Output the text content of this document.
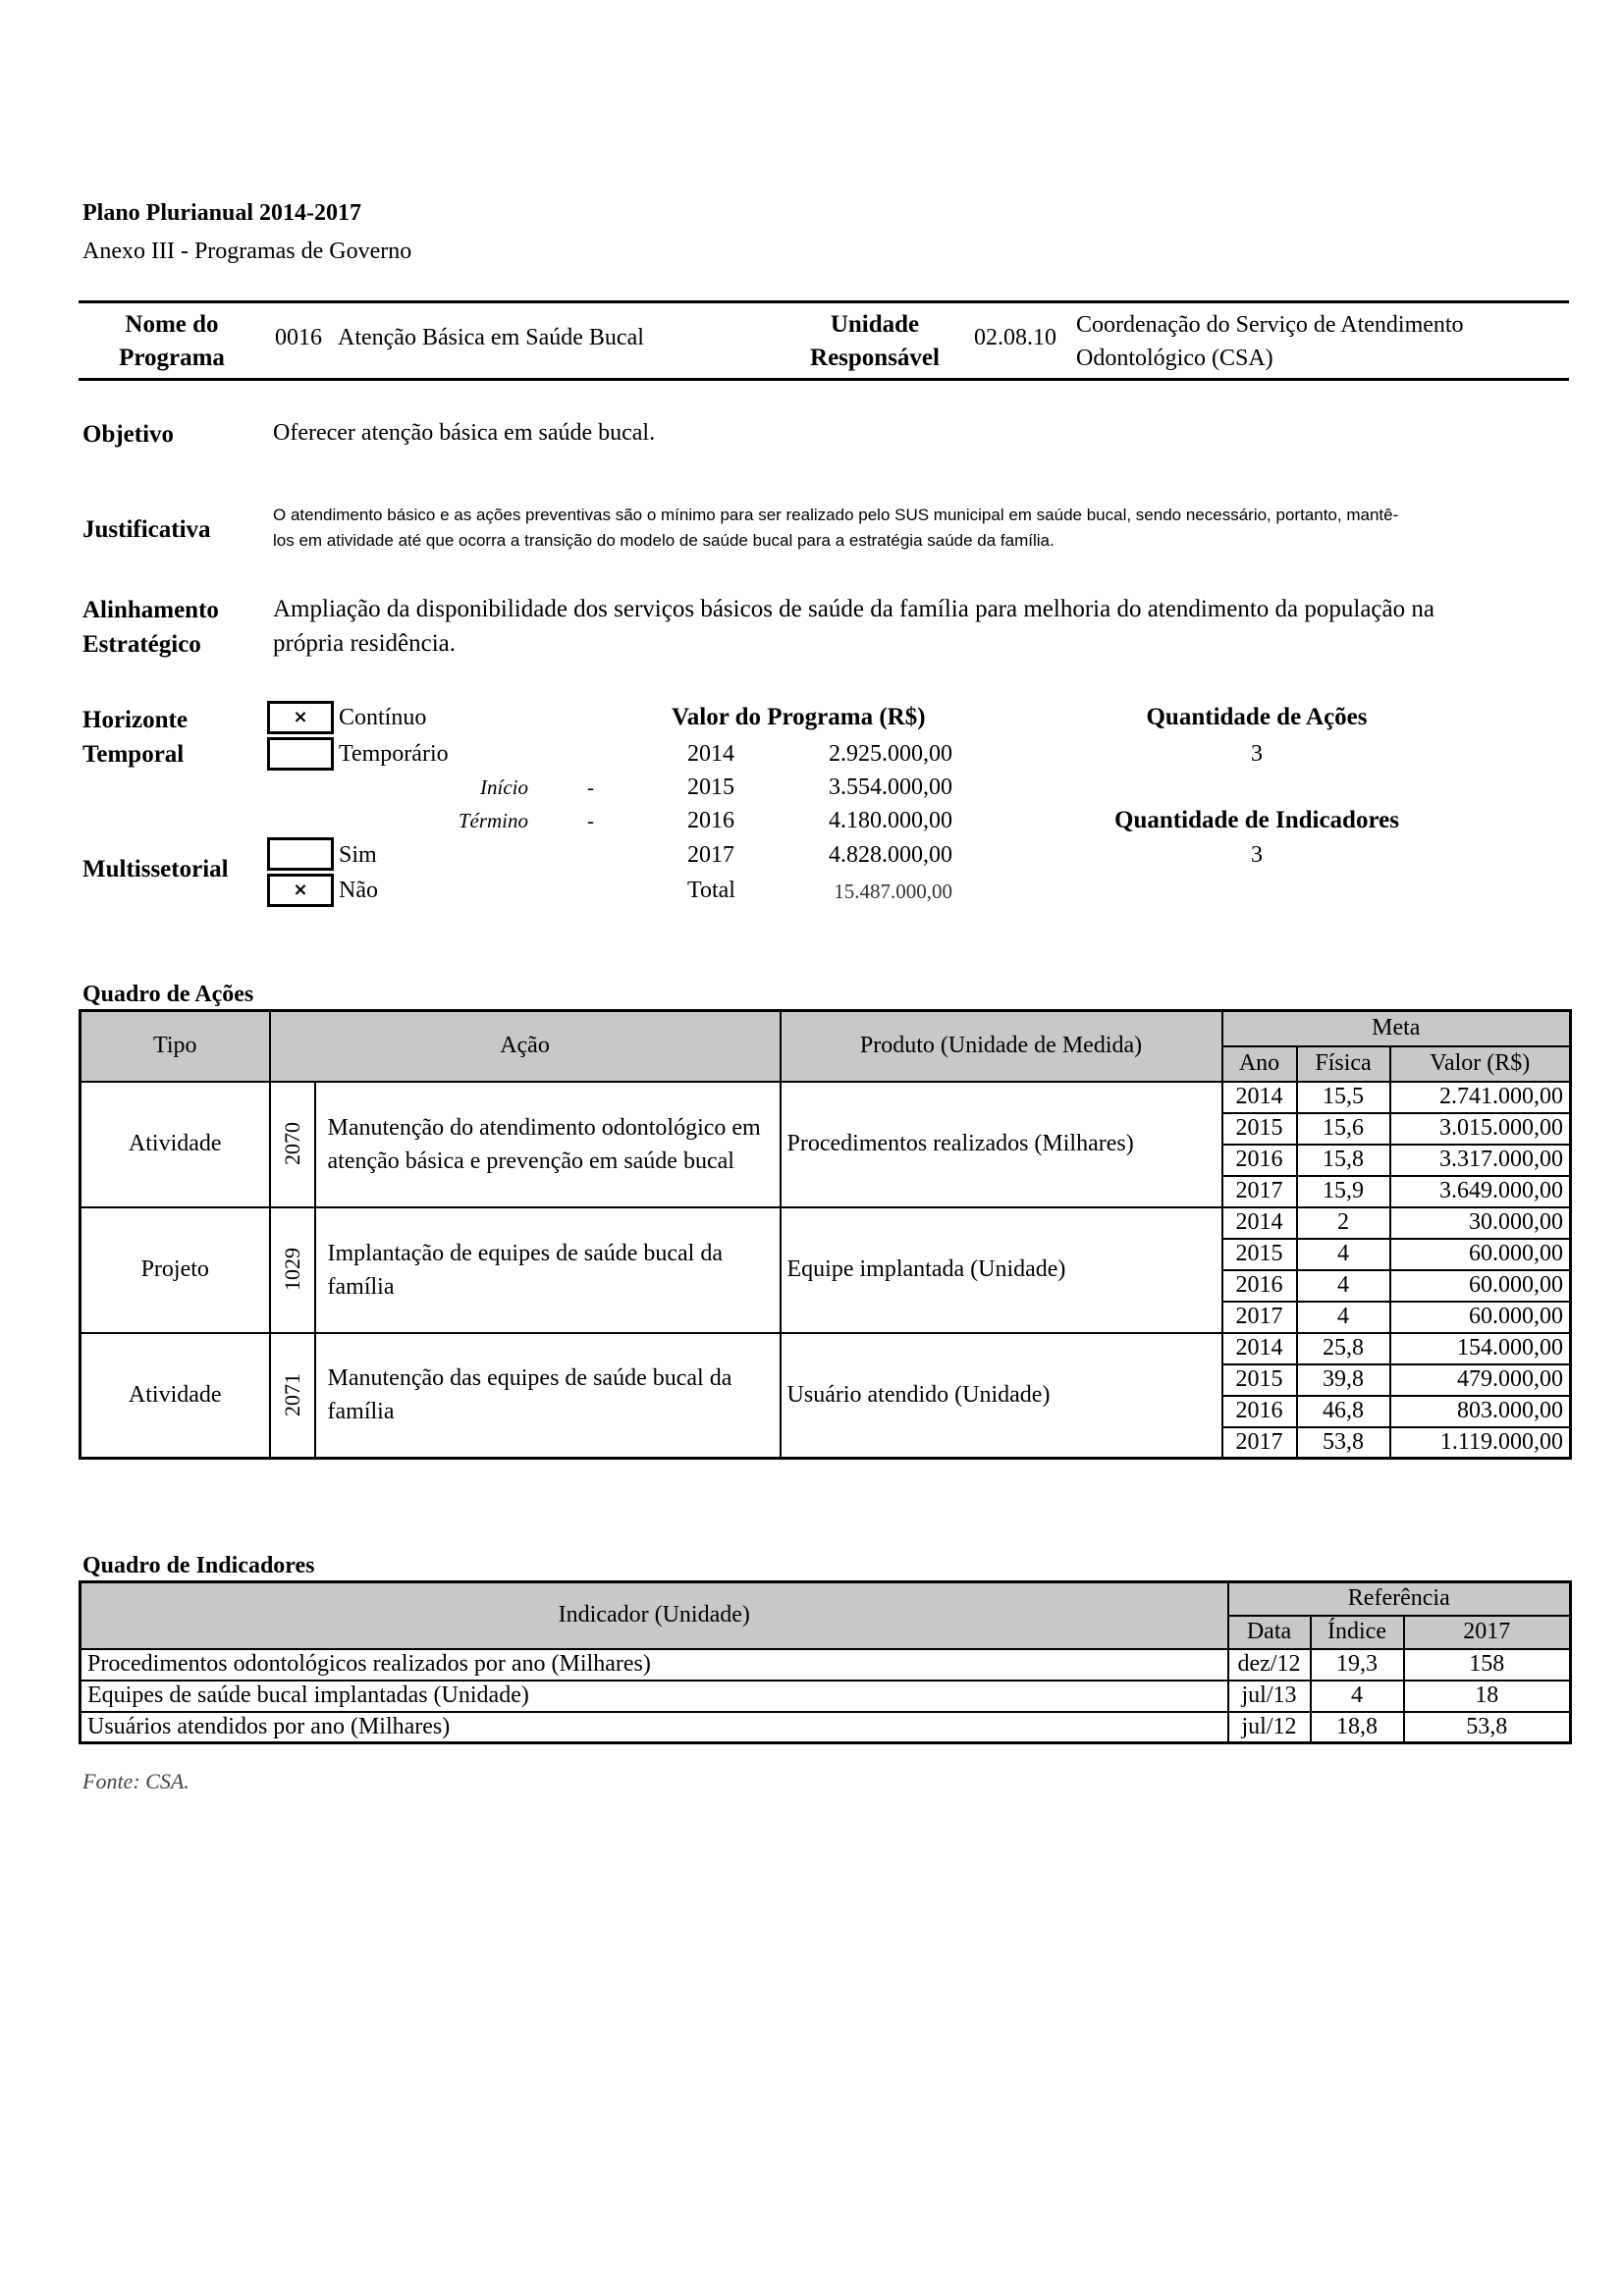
Plano Plurianual 2014-2017
Anexo III - Programas de Governo
Nome do
Programa
0016 Atenção Básica em Saúde Bucal	Unidade
Responsável
02.08.10 Coordenação do Serviço de Atendimento
Odontológico (CSA)
Objetivo	Oferecer atenção básica em saúde bucal.
Justificativa
O atendimento básico e as ações preventivas são o mínimo para ser realizado pelo SUS municipal em saúde bucal, sendo necessário, portanto, mantê-
los em atividade até que ocorra a transição do modelo de saúde bucal para a estratégia saúde da família.
Alinhamento
Estratégico
Ampliação da disponibilidade dos serviços básicos de saúde da família para melhoria do atendimento da população na
própria residência.
Horizonte
Temporal
×	Contínuo
Temporário
Início	-
Término	-
Multissetorial
Sim
×	Não
Valor do Programa (R$)
2014	2.925.000,00
2015	3.554.000,00
2016	4.180.000,00
2017	4.828.000,00
Total	15.487.000,00
Quantidade de Ações
3
Quantidade de Indicadores
3
Quadro de Ações
Tipo	Ação		Produto (Unidade de Medida)	Meta		
				Ano	Física	Valor (R$)
Atividade	2070	Manutenção do atendimento odontológico em atenção básica e prevenção em saúde bucal	Procedimentos realizados (Milhares)	2014	15,5	2.741.000,00
				2015	15,6	3.015.000,00
				2016	15,8	3.317.000,00
				2017	15,9	3.649.000,00
Projeto	1029	Implantação de equipes de saúde bucal da família	Equipe implantada (Unidade)	2014	2	30.000,00
				2015	4	60.000,00
				2016	4	60.000,00
				2017	4	60.000,00
Atividade	2071	Manutenção das equipes de saúde bucal da família	Usuário atendido (Unidade)	2014	25,8	154.000,00
				2015	39,8	479.000,00
				2016	46,8	803.000,00
				2017	53,8	1.119.000,00
Quadro de Indicadores
Indicador (Unidade)	Referência		
	Data	Índice	2017
Procedimentos odontológicos realizados por ano (Milhares)	dez/12	19,3	158
Equipes de saúde bucal implantadas (Unidade)	jul/13	4	18
Usuários atendidos por ano (Milhares)	jul/12	18,8	53,8
Fonte: CSA.
